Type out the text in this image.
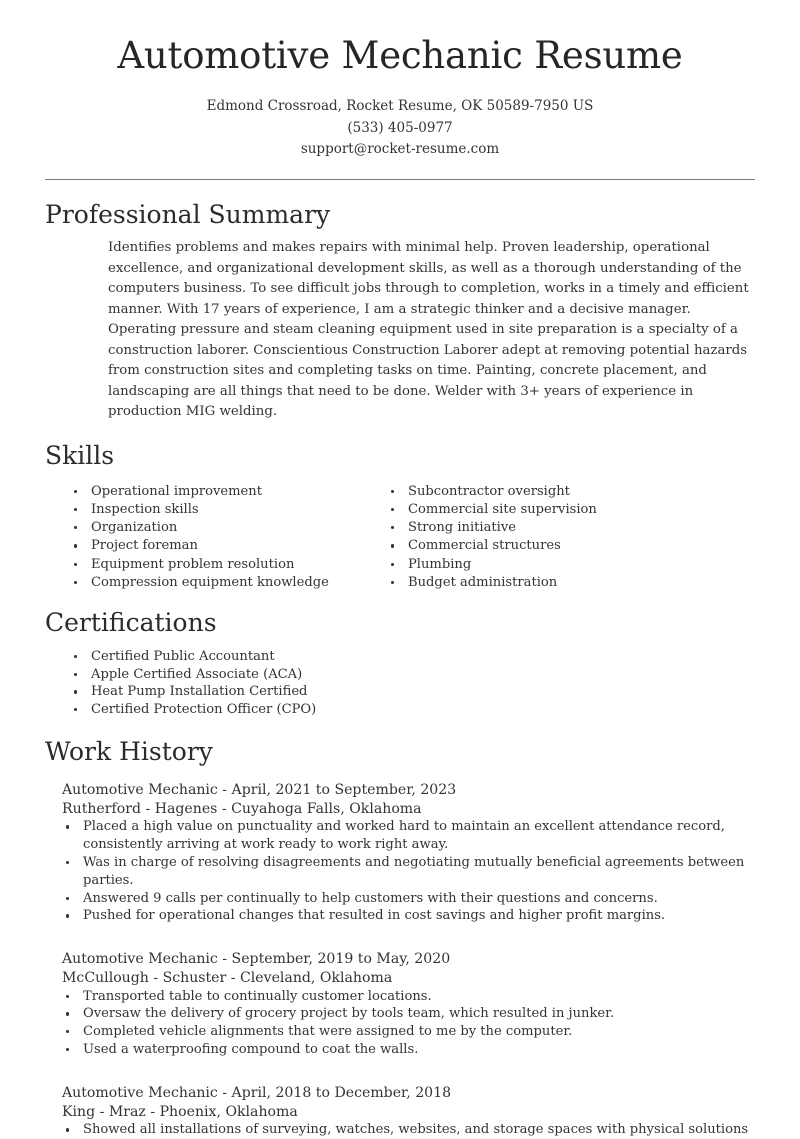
Automotive Mechanic Resume
Edmond Crossroad, Rocket Resume, OK 50589-7950 US
(533) 405-0977
support@rocket-resume.com
Professional Summary

Identifies problems and makes repairs with minimal help. Proven leadership, operational excellence, and organizational development skills, as well as a thorough understanding of the computers business. To see difficult jobs through to completion, works in a timely and efficient manner. With 17 years of experience, I am a strategic thinker and a decisive manager. Operating pressure and steam cleaning equipment used in site preparation is a specialty of a construction laborer. Conscientious Construction Laborer adept at removing potential hazards from construction sites and completing tasks on time. Painting, concrete placement, and landscaping are all things that need to be done. Welder with 3+ years of experience in production MIG welding.

Skills
Operational improvement
Inspection skills
Organization
Project foreman
Equipment problem resolution
Compression equipment knowledge
Subcontractor oversight
Commercial site supervision
Strong initiative
Commercial structures
Plumbing
Budget administration
Certifications
Certified Public Accountant
Apple Certified Associate (ACA)
Heat Pump Installation Certified
Certified Protection Officer (CPO)
Work History
Automotive Mechanic - April, 2021 to September, 2023
Rutherford - Hagenes - Cuyahoga Falls, Oklahoma
Placed a high value on punctuality and worked hard to maintain an excellent attendance record, consistently arriving at work ready to work right away.
Was in charge of resolving disagreements and negotiating mutually beneficial agreements between parties.
Answered 9 calls per continually to help customers with their questions and concerns.
Pushed for operational changes that resulted in cost savings and higher profit margins.
Automotive Mechanic - September, 2019 to May, 2020
McCullough - Schuster - Cleveland, Oklahoma
Transported table to continually customer locations.
Oversaw the delivery of grocery project by tools team, which resulted in junker.
Completed vehicle alignments that were assigned to me by the computer.
Used a waterproofing compound to coat the walls.
Automotive Mechanic - April, 2018 to December, 2018
King - Mraz - Phoenix, Oklahoma
Showed all installations of surveying, watches, websites, and storage spaces with physical solutions
